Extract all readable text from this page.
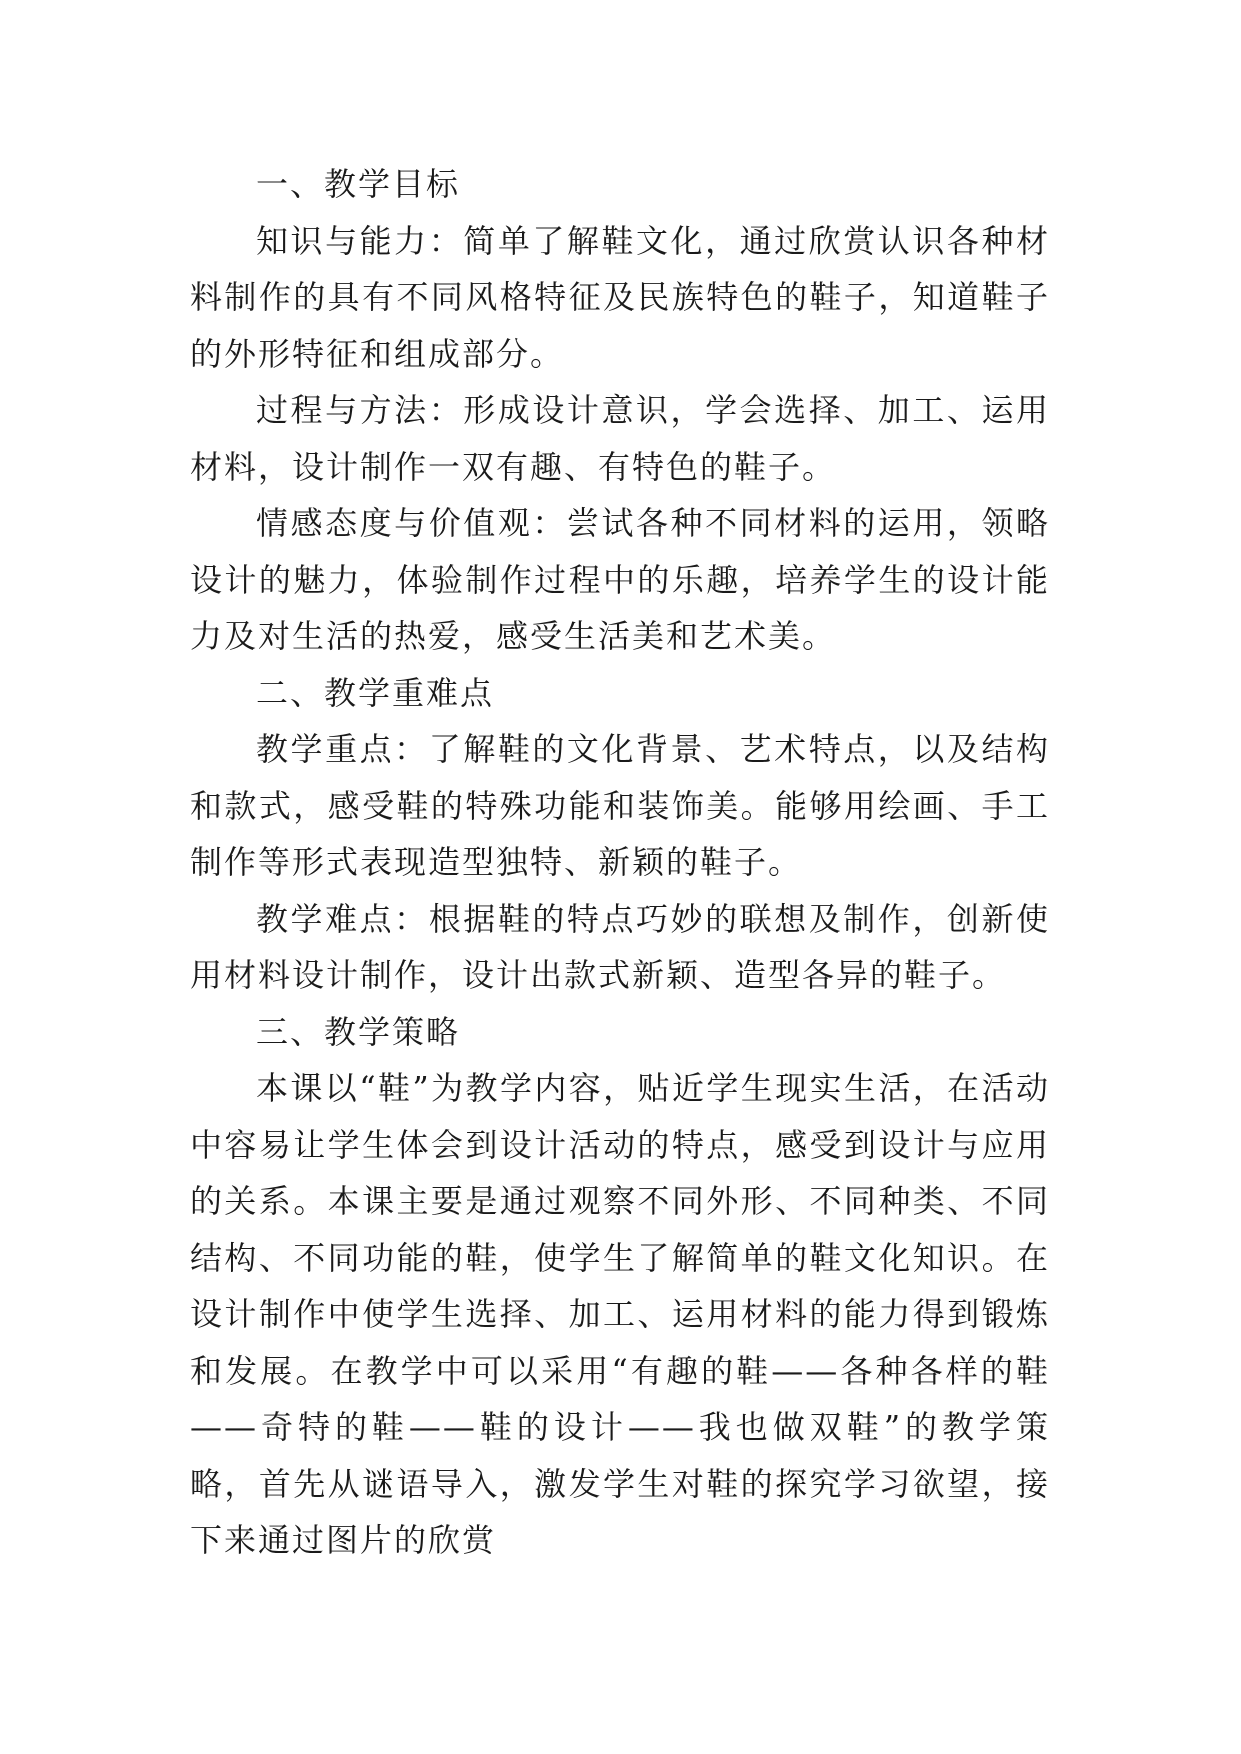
一、教学目标

知识与能力：简单了解鞋文化，通过欣赏认识各种材料制作的具有不同风格特征及民族特色的鞋子，知道鞋子的外形特征和组成部分。

过程与方法：形成设计意识，学会选择、加工、运用材料，设计制作一双有趣、有特色的鞋子。

情感态度与价值观：尝试各种不同材料的运用，领略设计的魅力，体验制作过程中的乐趣，培养学生的设计能力及对生活的热爱，感受生活美和艺术美。

二、教学重难点

教学重点：了解鞋的文化背景、艺术特点，以及结构和款式，感受鞋的特殊功能和装饰美。能够用绘画、手工制作等形式表现造型独特、新颖的鞋子。

教学难点：根据鞋的特点巧妙的联想及制作，创新使用材料设计制作，设计出款式新颖、造型各异的鞋子。

三、教学策略

本课以“鞋”为教学内容，贴近学生现实生活，在活动中容易让学生体会到设计活动的特点，感受到设计与应用的关系。本课主要是通过观察不同外形、不同种类、不同结构、不同功能的鞋，使学生了解简单的鞋文化知识。在设计制作中使学生选择、加工、运用材料的能力得到锻炼和发展。在教学中可以采用“有趣的鞋——各种各样的鞋——奇特的鞋——鞋的设计——我也做双鞋”的教学策略，首先从谜语导入，激发学生对鞋的探究学习欲望，接下来通过图片的欣赏
